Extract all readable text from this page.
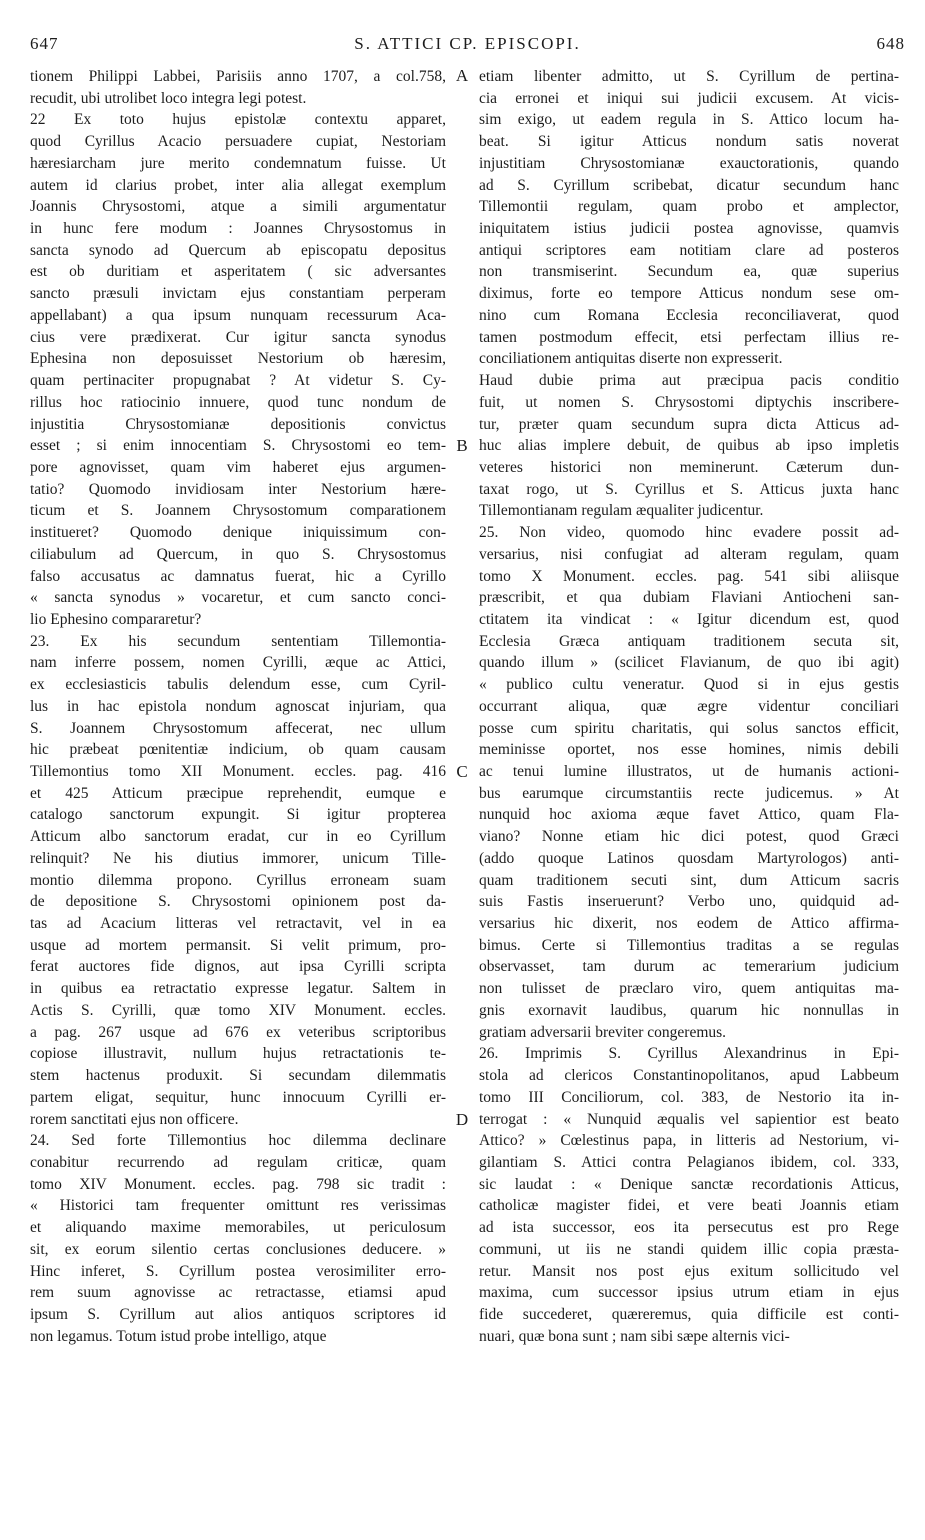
647	S. ATTICI CP. EPISCOPI.	648
tionem Philippi Labbei, Parisiis anno 1707, a col.758,
recudit, ubi utrolibet loco integra legi potest.
22 Ex toto hujus epistolæ contextu apparet,
quod Cyrillus Acacio persuadere cupiat, Nestoriam
hæresiarcham jure merito condemnatum fuisse. Ut
autem id clarius probet, inter alia allegat exemplum
Joannis Chrysostomi, atque a simili argumentatur
in hunc fere modum : Joannes Chrysostomus in
sancta synodo ad Quercum ab episcopatu depositus
est ob duritiam et asperitatem ( sic adversantes
sancto præsuli invictam ejus constantiam perperam
appellabant) a qua ipsum nunquam recessurum Aca-
cius vere prædixerat. Cur igitur sancta synodus
Ephesina non deposuisset Nestorium ob hæresim,
quam pertinaciter propugnabat ? At videtur S. Cy-
rillus hoc ratiocinio innuere, quod tunc nondum de
injustitia Chrysostomianæ depositionis convictus
esset ; si enim innocentiam S. Chrysostomi eo tem-
pore agnovisset, quam vim haberet ejus argumen-
tatio? Quomodo invidiosam inter Nestorium hære-
ticum et S. Joannem Chrysostomum comparationem
institueret? Quomodo denique iniquissimum con-
ciliabulum ad Quercum, in quo S. Chrysostomus
falso accusatus ac damnatus fuerat, hic a Cyrillo
« sancta synodus » vocaretur, et cum sancto conci-
lio Ephesino compararetur?
23. Ex his secundum sententiam Tillemontia-
nam inferre possem, nomen Cyrilli, æque ac Attici,
ex ecclesiasticis tabulis delendum esse, cum Cyril-
lus in hac epistola nondum agnoscat injuriam, qua
S. Joannem Chrysostomum affecerat, nec ullum
hic præbeat pœnitentiæ indicium, ob quam causam
Tillemontius tomo XII Monument. eccles. pag. 416
et 425 Atticum præcipue reprehendit, eumque e
catalogo sanctorum expungit. Si igitur propterea
Atticum albo sanctorum eradat, cur in eo Cyrillum
relinquit? Ne his diutius immorer, unicum Tille-
montio dilemma propono. Cyrillus erroneam suam
de depositione S. Chrysostomi opinionem post da-
tas ad Acacium litteras vel retractavit, vel in ea
usque ad mortem permansit. Si velit primum, pro-
ferat auctores fide dignos, aut ipsa Cyrilli scripta
in quibus ea retractatio expresse legatur. Saltem in
Actis S. Cyrilli, quæ tomo XIV Monument. eccles.
a pag. 267 usque ad 676 ex veteribus scriptoribus
copiose illustravit, nullum hujus retractationis te-
stem hactenus produxit. Si secundam dilemmatis
partem eligat, sequitur, hunc innocuum Cyrilli er-
rorem sanctitati ejus non officere.
24. Sed forte Tillemontius hoc dilemma declinare
conabitur recurrendo ad regulam criticæ, quam
tomo XIV Monument. eccles. pag. 798 sic tradit :
« Historici tam frequenter omittunt res verissimas
et aliquando maxime memorabiles, ut periculosum
sit, ex eorum silentio certas conclusiones deducere. »
Hinc inferet, S. Cyrillum postea verosimiliter erro-
rem suum agnovisse ac retractasse, etiamsi apud
ipsum S. Cyrillum aut alios antiquos scriptores id
non legamus. Totum istud probe intelligo, atque
etiam libenter admitto, ut S. Cyrillum de pertina-
cia erronei et iniqui sui judicii excusem. At vicis-
sim exigo, ut eadem regula in S. Attico locum ha-
beat. Si igitur Atticus nondum satis noverat
injustitiam Chrysostomianæ exauctorationis, quando
ad S. Cyrillum scribebat, dicatur secundum hanc
Tillemontii regulam, quam probo et amplector,
iniquitatem istius judicii postea agnovisse, quamvis
antiqui scriptores eam notitiam clare ad posteros
non transmiserint. Secundum ea, quæ superius
diximus, forte eo tempore Atticus nondum sese om-
nino cum Romana Ecclesia reconciliaverat, quod
tamen postmodum effecit, etsi perfectam illius re-
conciliationem antiquitas diserte non expresserit.
Haud dubie prima aut præcipua pacis conditio
fuit, ut nomen S. Chrysostomi diptychis inscribere-
tur, præter quam secundum supra dicta Atticus ad-
huc alias implere debuit, de quibus ab ipso impletis
veteres historici non meminerunt. Cæterum dun-
taxat rogo, ut S. Cyrillus et S. Atticus juxta hanc
Tillemontianam regulam æqualiter judicentur.
25. Non video, quomodo hinc evadere possit ad-
versarius, nisi confugiat ad alteram regulam, quam
tomo X Monument. eccles. pag. 541 sibi aliisque
præscribit, et qua dubiam Flaviani Antiocheni san-
ctitatem ita vindicat : « Igitur dicendum est, quod
Ecclesia Græca antiquam traditionem secuta sit,
quando illum » (scilicet Flavianum, de quo ibi agit)
« publico cultu veneratur. Quod si in ejus gestis
occurrant aliqua, quæ ægre videntur conciliari
posse cum spiritu charitatis, qui solus sanctos efficit,
meminisse oportet, nos esse homines, nimis debili
ac tenui lumine illustratos, ut de humanis actioni-
bus earumque circumstantiis recte judicemus. » At
nunquid hoc axioma æque favet Attico, quam Fla-
viano? Nonne etiam hic dici potest, quod Græci
(addo quoque Latinos quosdam Martyrologos) anti-
quam traditionem secuti sint, dum Atticum sacris
suis Fastis inseruerunt? Verbo uno, quidquid ad-
versarius hic dixerit, nos eodem de Attico affirma-
bimus. Certe si Tillemontius traditas a se regulas
observasset, tam durum ac temerarium judicium
non tulisset de præclaro viro, quem antiquitas ma-
gnis exornavit laudibus, quarum hic nonnullas in
gratiam adversarii breviter congeremus.
26. Imprimis S. Cyrillus Alexandrinus in Epi-
stola ad clericos Constantinopolitanos, apud Labbeum
tomo III Conciliorum, col. 383, de Nestorio ita in-
terrogat : « Nunquid æqualis vel sapientior est beato
Attico? » Cœlestinus papa, in litteris ad Nestorium, vi-
gilantiam S. Attici contra Pelagianos ibidem, col. 333,
sic laudat : « Denique sanctæ recordationis Atticus,
catholicæ magister fidei, et vere beati Joannis etiam
ad ista successor, eos ita persecutus est pro Rege
communi, ut iis ne standi quidem illic copia præsta-
retur. Mansit nos post ejus exitum sollicitudo vel
maxima, cum successor ipsius utrum etiam in ejus
fide succederet, quæreremus, quia difficile est conti-
nuari, quæ bona sunt ; nam sibi sæpe alternis vici-
A
B
C
D
